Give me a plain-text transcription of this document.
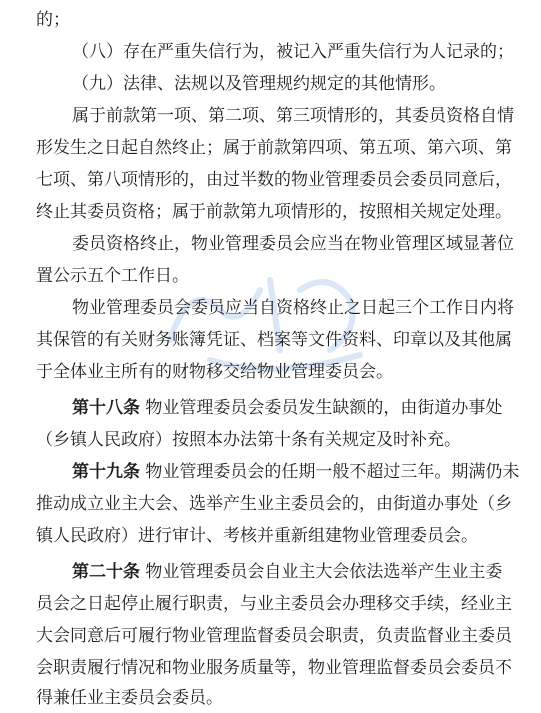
的；
（八）存在严重失信行为，被记入严重失信行为人记录的；
（九）法律、法规以及管理规约规定的其他情形。
属于前款第一项、第二项、第三项情形的，其委员资格自情
形发生之日起自然终止；属于前款第四项、第五项、第六项、第
七项、第八项情形的，由过半数的物业管理委员会委员同意后，
终止其委员资格；属于前款第九项情形的，按照相关规定处理。
委员资格终止，物业管理委员会应当在物业管理区域显著位
置公示五个工作日。
物业管理委员会委员应当自资格终止之日起三个工作日内将
其保管的有关财务账簿凭证、档案等文件资料、印章以及其他属
于全体业主所有的财物移交给物业管理委员会。
第十八条 物业管理委员会委员发生缺额的，由街道办事处
（乡镇人民政府）按照本办法第十条有关规定及时补充。
第十九条 物业管理委员会的任期一般不超过三年。期满仍未
推动成立业主大会、选举产生业主委员会的，由街道办事处（乡
镇人民政府）进行审计、考核并重新组建物业管理委员会。
第二十条 物业管理委员会自业主大会依法选举产生业主委
员会之日起停止履行职责，与业主委员会办理移交手续，经业主
大会同意后可履行物业管理监督委员会职责，负责监督业主委员
会职责履行情况和物业服务质量等，物业管理监督委员会委员不
得兼任业主委员会委员。
